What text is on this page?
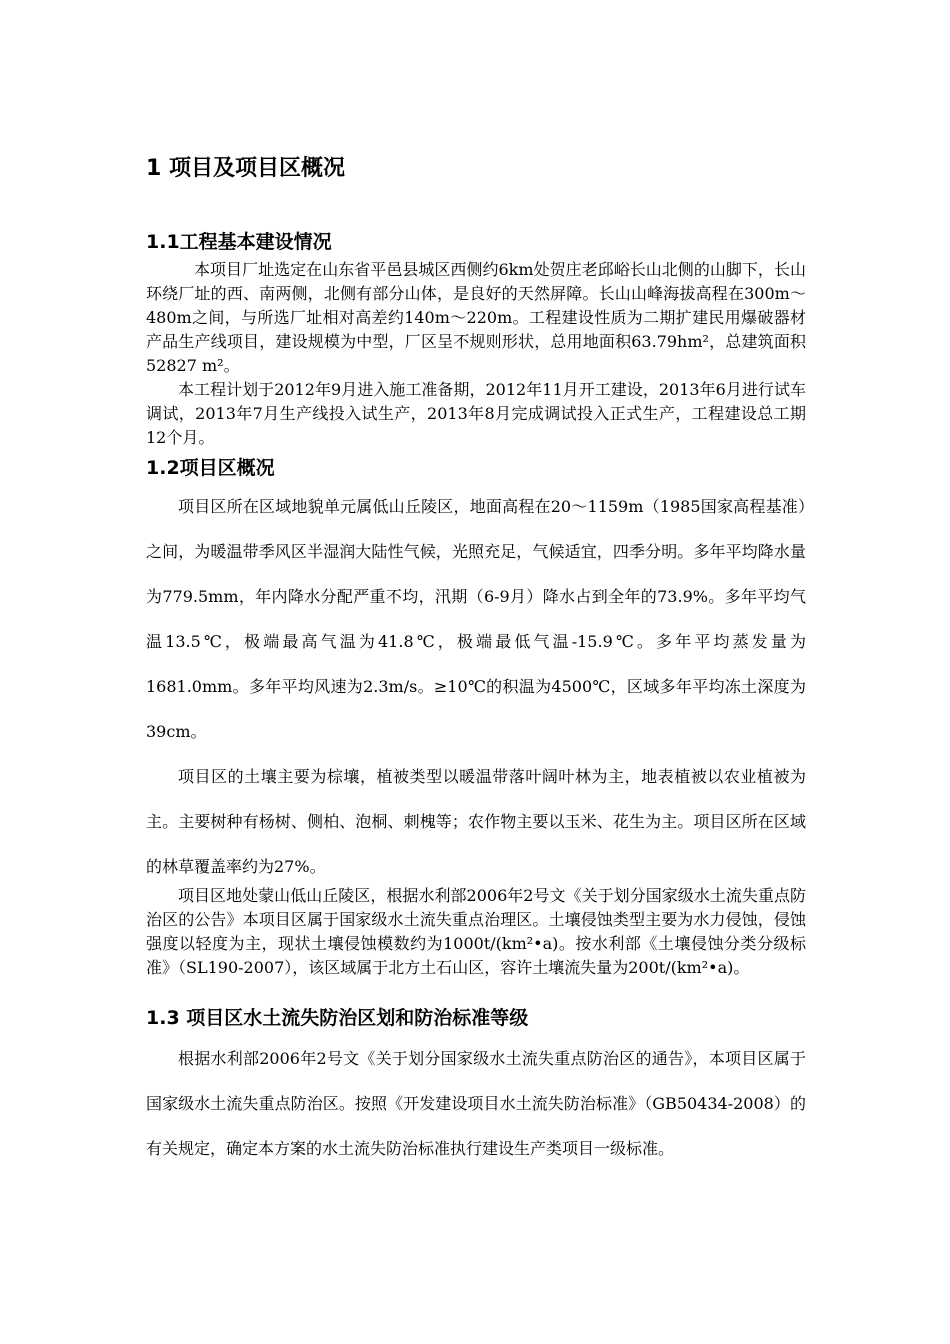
1 项目及项目区概况
1.1工程基本建设情况

本项目厂址选定在山东省平邑县城区西侧约6km处贺庄老邱峪长山北侧的山脚下，长山环绕厂址的西、南两侧，北侧有部分山体，是良好的天然屏障。长山山峰海拔高程在300m～480m之间，与所选厂址相对高差约140m～220m。工程建设性质为二期扩建民用爆破器材产品生产线项目，建设规模为中型，厂区呈不规则形状，总用地面积63.79hm²，总建筑面积52827 m²。

本工程计划于2012年9月进入施工准备期，2012年11月开工建设，2013年6月进行试车调试，2013年7月生产线投入试生产，2013年8月完成调试投入正式生产，工程建设总工期12个月。

1.2项目区概况

项目区所在区域地貌单元属低山丘陵区，地面高程在20～1159m（1985国家高程基准）之间，为暖温带季风区半湿润大陆性气候，光照充足，气候适宜，四季分明。多年平均降水量为779.5mm，年内降水分配严重不均，汛期（6-9月）降水占到全年的73.9%。多年平均气温13.5℃，极端最高气温为41.8℃，极端最低气温-15.9℃。多年平均蒸发量为1681.0mm。多年平均风速为2.3m/s。≥10℃的积温为4500℃，区域多年平均冻土深度为39cm。

项目区的土壤主要为棕壤，植被类型以暖温带落叶阔叶林为主，地表植被以农业植被为主。主要树种有杨树、侧柏、泡桐、刺槐等；农作物主要以玉米、花生为主。项目区所在区域的林草覆盖率约为27%。

项目区地处蒙山低山丘陵区，根据水利部2006年2号文《关于划分国家级水土流失重点防治区的公告》本项目区属于国家级水土流失重点治理区。土壤侵蚀类型主要为水力侵蚀，侵蚀强度以轻度为主，现状土壤侵蚀模数约为1000t/(km²•a)。按水利部《土壤侵蚀分类分级标准》（SL190-2007），该区域属于北方土石山区，容许土壤流失量为200t/(km²•a)。

1.3 项目区水土流失防治区划和防治标准等级

根据水利部2006年2号文《关于划分国家级水土流失重点防治区的通告》，本项目区属于国家级水土流失重点防治区。按照《开发建设项目水土流失防治标准》（GB50434-2008）的有关规定，确定本方案的水土流失防治标准执行建设生产类项目一级标准。
